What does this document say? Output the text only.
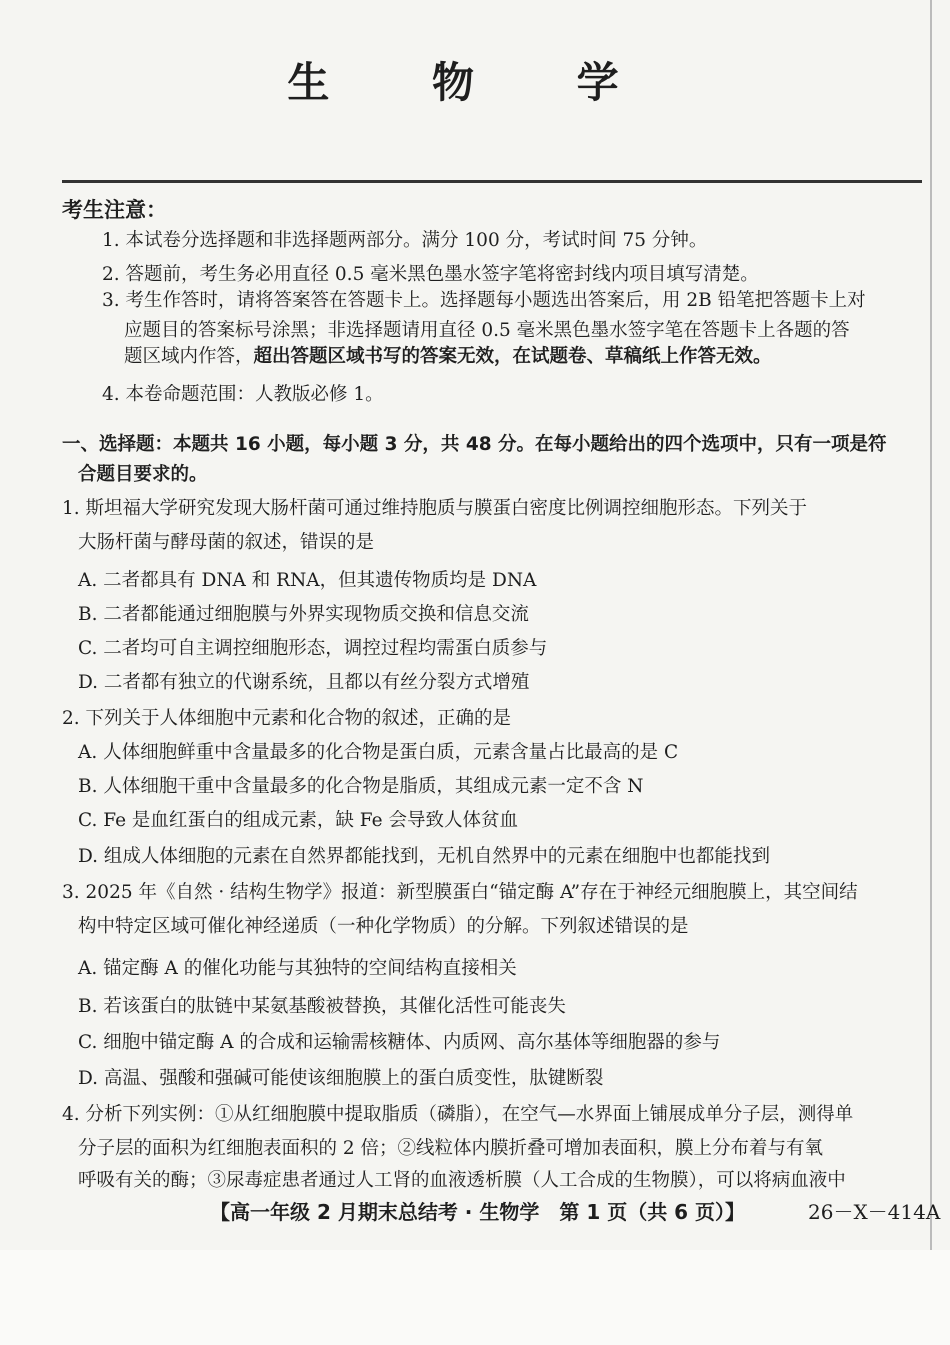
生 物 学
考生注意：
1. 本试卷分选择题和非选择题两部分。满分 100 分，考试时间 75 分钟。
2. 答题前，考生务必用直径 0.5 毫米黑色墨水签字笔将密封线内项目填写清楚。
3. 考生作答时，请将答案答在答题卡上。选择题每小题选出答案后，用 2B 铅笔把答题卡上对
应题目的答案标号涂黑；非选择题请用直径 0.5 毫米黑色墨水签字笔在答题卡上各题的答
题区域内作答，超出答题区域书写的答案无效，在试题卷、草稿纸上作答无效。
4. 本卷命题范围：人教版必修 1。
一、选择题：本题共 16 小题，每小题 3 分，共 48 分。在每小题给出的四个选项中，只有一项是符
合题目要求的。
1. 斯坦福大学研究发现大肠杆菌可通过维持胞质与膜蛋白密度比例调控细胞形态。下列关于
大肠杆菌与酵母菌的叙述，错误的是
A. 二者都具有 DNA 和 RNA，但其遗传物质均是 DNA
B. 二者都能通过细胞膜与外界实现物质交换和信息交流
C. 二者均可自主调控细胞形态，调控过程均需蛋白质参与
D. 二者都有独立的代谢系统，且都以有丝分裂方式增殖
2. 下列关于人体细胞中元素和化合物的叙述，正确的是
A. 人体细胞鲜重中含量最多的化合物是蛋白质，元素含量占比最高的是 C
B. 人体细胞干重中含量最多的化合物是脂质，其组成元素一定不含 N
C. Fe 是血红蛋白的组成元素，缺 Fe 会导致人体贫血
D. 组成人体细胞的元素在自然界都能找到，无机自然界中的元素在细胞中也都能找到
3. 2025 年《自然 · 结构生物学》报道：新型膜蛋白“锚定酶 A”存在于神经元细胞膜上，其空间结
构中特定区域可催化神经递质（一种化学物质）的分解。下列叙述错误的是
A. 锚定酶 A 的催化功能与其独特的空间结构直接相关
B. 若该蛋白的肽链中某氨基酸被替换，其催化活性可能丧失
C. 细胞中锚定酶 A 的合成和运输需核糖体、内质网、高尔基体等细胞器的参与
D. 高温、强酸和强碱可能使该细胞膜上的蛋白质变性，肽键断裂
4. 分析下列实例：①从红细胞膜中提取脂质（磷脂），在空气—水界面上铺展成单分子层，测得单
分子层的面积为红细胞表面积的 2 倍；②线粒体内膜折叠可增加表面积，膜上分布着与有氧
呼吸有关的酶；③尿毒症患者通过人工肾的血液透析膜（人工合成的生物膜），可以将病血液中
【高一年级 2 月期末总结考 · 生物学　第 1 页（共 6 页）】	26－X－414A
